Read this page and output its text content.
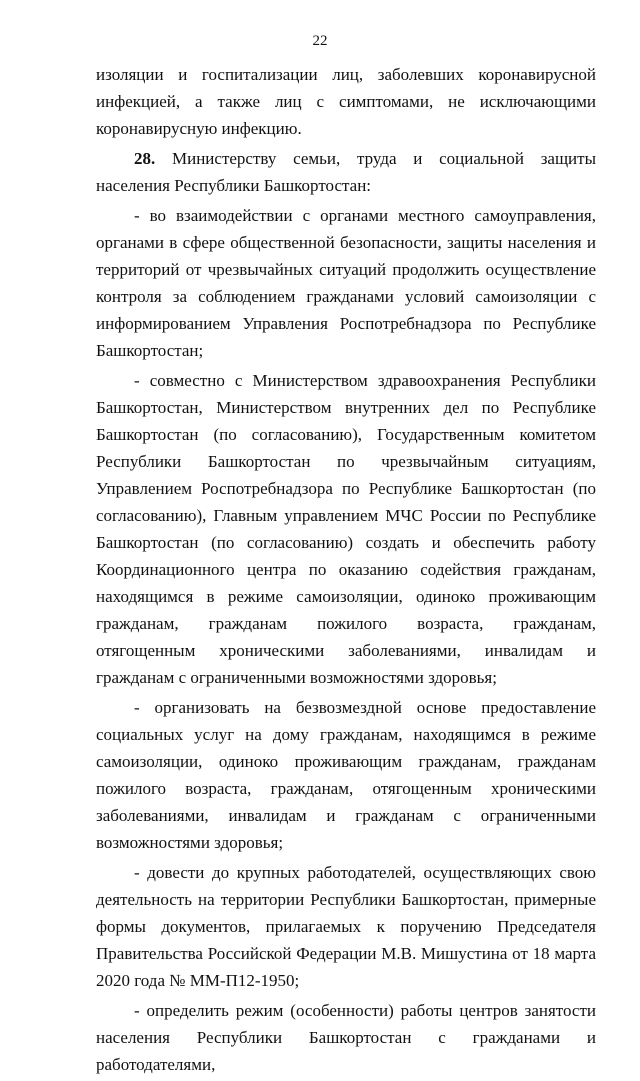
22

изоляции и госпитализации лиц, заболевших коронавирусной инфекцией, а также лиц с симптомами, не исключающими коронавирусную инфекцию.

28. Министерству семьи, труда и социальной защиты населения Республики Башкортостан:

- во взаимодействии с органами местного самоуправления, органами в сфере общественной безопасности, защиты населения и территорий от чрезвычайных ситуаций продолжить осуществление контроля за соблюдением гражданами условий самоизоляции с информированием Управления Роспотребнадзора по Республике Башкортостан;

- совместно с Министерством здравоохранения Республики Башкортостан, Министерством внутренних дел по Республике Башкортостан (по согласованию), Государственным комитетом Республики Башкортостан по чрезвычайным ситуациям, Управлением Роспотребнадзора по Республике Башкортостан (по согласованию), Главным управлением МЧС России по Республике Башкортостан (по согласованию) создать и обеспечить работу Координационного центра по оказанию содействия гражданам, находящимся в режиме самоизоляции, одиноко проживающим гражданам, гражданам пожилого возраста, гражданам, отягощенным хроническими заболеваниями, инвалидам и гражданам с ограниченными возможностями здоровья;

- организовать на безвозмездной основе предоставление социальных услуг на дому гражданам, находящимся в режиме самоизоляции, одиноко проживающим гражданам, гражданам пожилого возраста, гражданам, отягощенным хроническими заболеваниями, инвалидам и гражданам с ограниченными возможностями здоровья;

- довести до крупных работодателей, осуществляющих свою деятельность на территории Республики Башкортостан, примерные формы документов, прилагаемых к поручению Председателя Правительства Российской Федерации М.В. Мишустина от 18 марта 2020 года № ММ-П12-1950;

- определить режим (особенности) работы центров занятости населения Республики Башкортостан с гражданами и работодателями,
